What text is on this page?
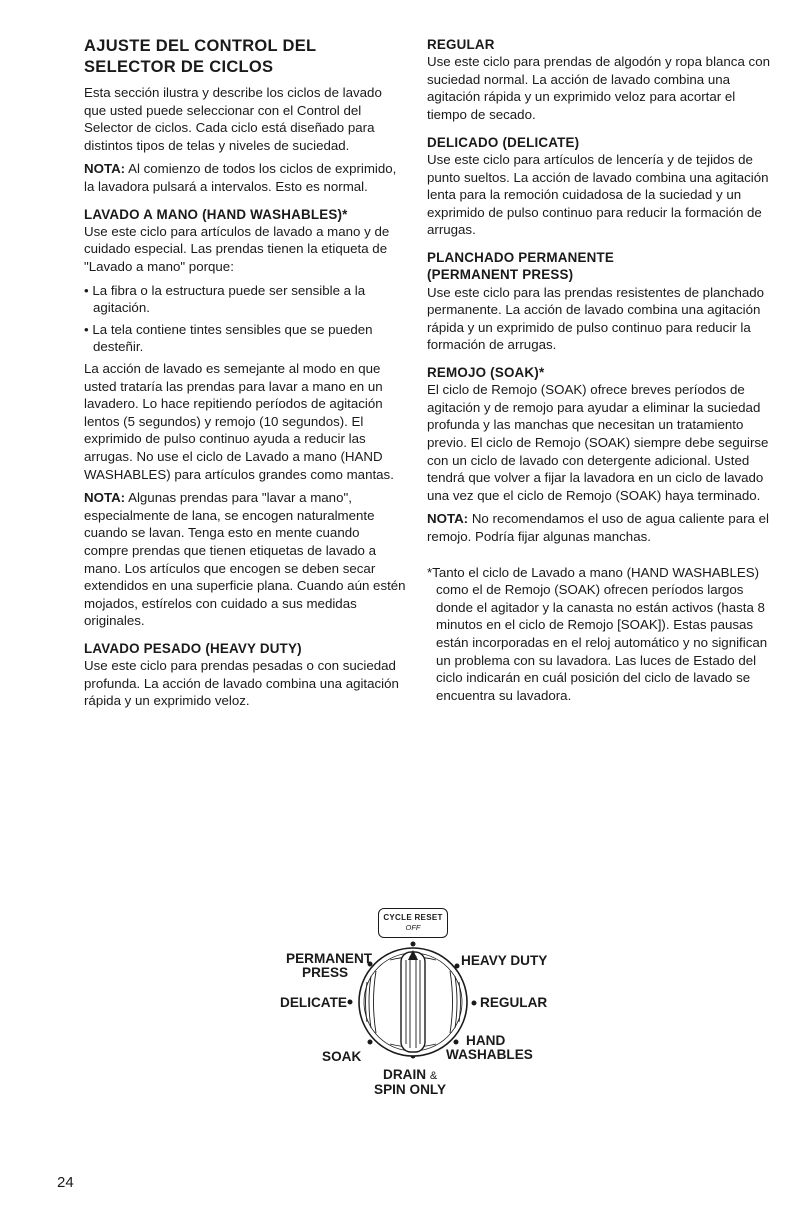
AJUSTE DEL CONTROL DEL
SELECTOR DE CICLOS

Esta sección ilustra y describe los ciclos de lavado que usted puede seleccionar con el Control del Selector de ciclos. Cada ciclo está diseñado para distintos tipos de telas y niveles de suciedad.

NOTA: Al comienzo de todos los ciclos de exprimido, la lavadora pulsará a intervalos. Esto es normal.

LAVADO A MANO (HAND WASHABLES)*

Use este ciclo para artículos de lavado a mano y de cuidado especial. Las prendas tienen la etiqueta de "Lavado a mano" porque:

• La fibra o la estructura puede ser sensible a la agitación.
• La tela contiene tintes sensibles que se pueden desteñir.

La acción de lavado es semejante al modo en que usted trataría las prendas para lavar a mano en un lavadero. Lo hace repitiendo períodos de agitación lentos (5 segundos) y remojo (10 segundos). El exprimido de pulso continuo ayuda a reducir las arrugas. No use el ciclo de Lavado a mano (HAND WASHABLES) para artículos grandes como mantas.

NOTA: Algunas prendas para "lavar a mano", especialmente de lana, se encogen naturalmente cuando se lavan. Tenga esto en mente cuando compre prendas que tienen etiquetas de lavado a mano. Los artículos que encogen se deben secar extendidos en una superficie plana. Cuando aún estén mojados, estírelos con cuidado a sus medidas originales.

LAVADO PESADO (HEAVY DUTY)

Use este ciclo para prendas pesadas o con suciedad profunda. La acción de lavado combina una agitación rápida y un exprimido veloz.

REGULAR

Use este ciclo para prendas de algodón y ropa blanca con suciedad normal. La acción de lavado combina una agitación rápida y un exprimido veloz para acortar el tiempo de secado.

DELICADO (DELICATE)

Use este ciclo para artículos de lencería y de tejidos de punto sueltos. La acción de lavado combina una agitación lenta para la remoción cuidadosa de la suciedad y un exprimido de pulso continuo para reducir la formación de arrugas.

PLANCHADO PERMANENTE
(PERMANENT PRESS)

Use este ciclo para las prendas resistentes de planchado permanente. La acción de lavado combina una agitación rápida y un exprimido de pulso continuo para reducir la formación de arrugas.

REMOJO (SOAK)*

El ciclo de Remojo (SOAK) ofrece breves períodos de agitación y de remojo para ayudar a eliminar la suciedad profunda y las manchas que necesitan un tratamiento previo. El ciclo de Remojo (SOAK) siempre debe seguirse con un ciclo de lavado con detergente adicional. Usted tendrá que volver a fijar la lavadora en un ciclo de lavado una vez que el ciclo de Remojo (SOAK) haya terminado.

NOTA: No recomendamos el uso de agua caliente para el remojo. Podría fijar algunas manchas.

*Tanto el ciclo de Lavado a mano (HAND WASHABLES) como el de Remojo (SOAK) ofrecen períodos largos donde el agitador y la canasta no están activos (hasta 8 minutos en el ciclo de Remojo [SOAK]). Estas pausas están incorporadas en el reloj automático y no significan un problema con su lavadora. Las luces de Estado del ciclo indicarán en cuál posición del ciclo de lavado se encuentra su lavadora.

CYCLE RESET
OFF
PERMANENT
PRESS
HEAVY DUTY
DELICATE	REGULAR
SOAK
HAND
WASHABLES
DRAIN &
SPIN ONLY
24
